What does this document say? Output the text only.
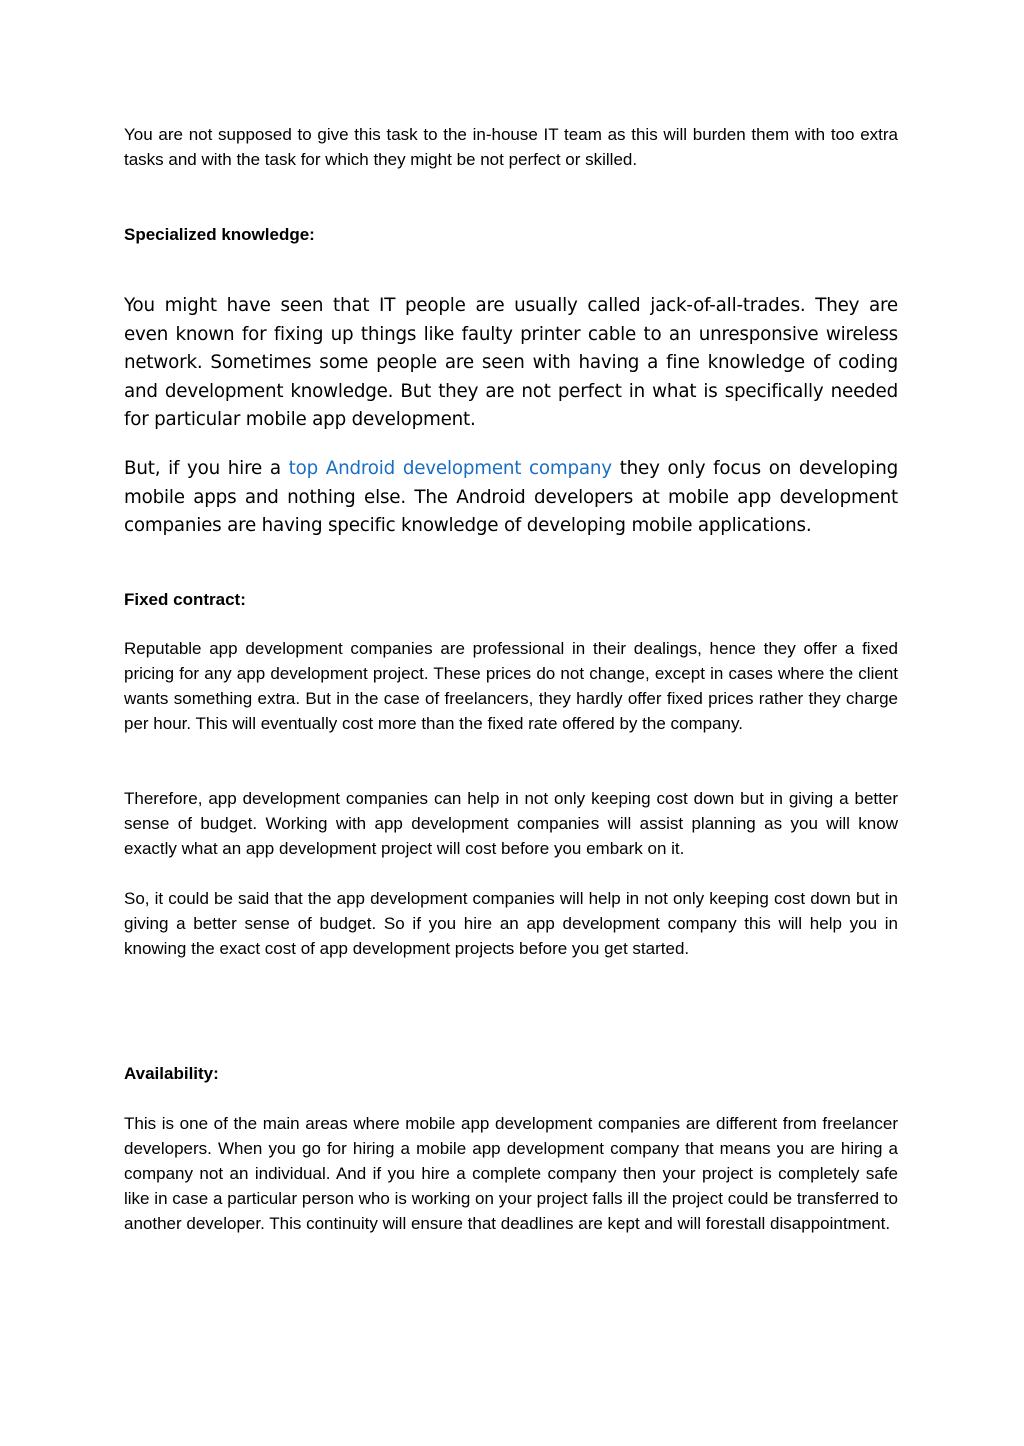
You are not supposed to give this task to the in-house IT team as this will burden them with too extra tasks and with the task for which they might be not perfect or skilled.

Specialized knowledge:

You might have seen that IT people are usually called jack-of-all-trades. They are even known for fixing up things like faulty printer cable to an unresponsive wireless network. Sometimes some people are seen with having a fine knowledge of coding and development knowledge. But they are not perfect in what is specifically needed for particular mobile app development.

But, if you hire a top Android development company they only focus on developing mobile apps and nothing else. The Android developers at mobile app development companies are having specific knowledge of developing mobile applications.

Fixed contract:

Reputable app development companies are professional in their dealings, hence they offer a fixed pricing for any app development project. These prices do not change, except in cases where the client wants something extra. But in the case of freelancers, they hardly offer fixed prices rather they charge per hour. This will eventually cost more than the fixed rate offered by the company.

Therefore, app development companies can help in not only keeping cost down but in giving a better sense of budget. Working with app development companies will assist planning as you will know exactly what an app development project will cost before you embark on it.

So, it could be said that the app development companies will help in not only keeping cost down but in giving a better sense of budget. So if you hire an app development company this will help you in knowing the exact cost of app development projects before you get started.

Availability:

This is one of the main areas where mobile app development companies are different from freelancer developers. When you go for hiring a mobile app development company that means you are hiring a company not an individual. And if you hire a complete company then your project is completely safe like in case a particular person who is working on your project falls ill the project could be transferred to another developer. This continuity will ensure that deadlines are kept and will forestall disappointment.
